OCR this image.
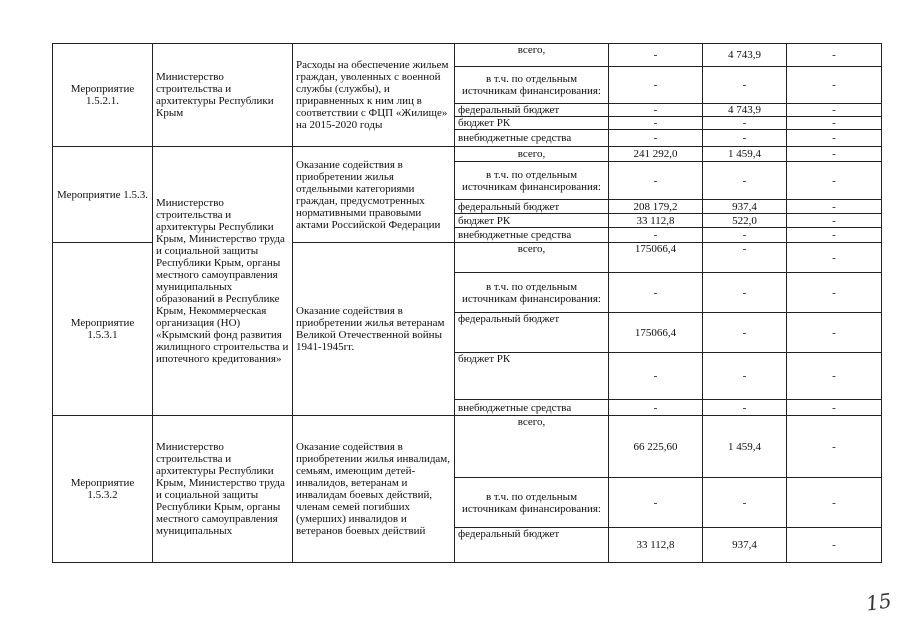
Мероприятие 1.5.2.1.	Министерство строительства и архитектуры Республики Крым	Расходы на обеспечение жильем граждан, уволенных с военной службы (службы), и приравненных к ним лиц в соответствии с ФЦП «Жилище» на 2015-2020 годы	всего,	-	4 743,9	-
			в т.ч. по отдельным источникам финансирования:	-	-	-
			федеральный бюджет	-	4 743,9	-
			бюджет РК	-	-	-
			внебюджетные средства	-	-	-
Мероприятие 1.5.3.	Министерство строительства и архитектуры Республики Крым, Министерство труда и социальной защиты Республики Крым, органы местного самоуправления муниципальных образований в Республике Крым, Некоммерческая организация (НО) «Крымский фонд развития жилищного строительства и ипотечного кредитования»	Оказание содействия в приобретении жилья отдельными категориями граждан, предусмотренных нормативными правовыми актами Российской Федерации	всего,	241 292,0	1 459,4	-
			в т.ч. по отдельным источникам финансирования:	-	-	-
			федеральный бюджет	208 179,2	937,4	-
			бюджет РК	33 112,8	522,0	-
			внебюджетные средства	-	-	-
Мероприятие 1.5.3.1		Оказание содействия в приобретении жилья ветеранам Великой Отечественной войны 1941-1945гг.	всего,	175066,4	-	-
			в т.ч. по отдельным источникам финансирования:	-	-	-
			федеральный бюджет	175066,4	-	-
			бюджет РК	-	-	-
			внебюджетные средства	-	-	-
Мероприятие 1.5.3.2	Министерство строительства и архитектуры Республики Крым, Министерство труда и социальной защиты Республики Крым, органы местного самоуправления муниципальных	Оказание содействия в приобретении жилья инвалидам, семьям, имеющим детей-инвалидов, ветеранам и инвалидам боевых действий, членам семей погибших (умерших) инвалидов и ветеранов боевых действий	всего,	66 225,60	1 459,4	-
			в т.ч. по отдельным источникам финансирования:	-	-	-
			федеральный бюджет	33 112,8	937,4	-
15
